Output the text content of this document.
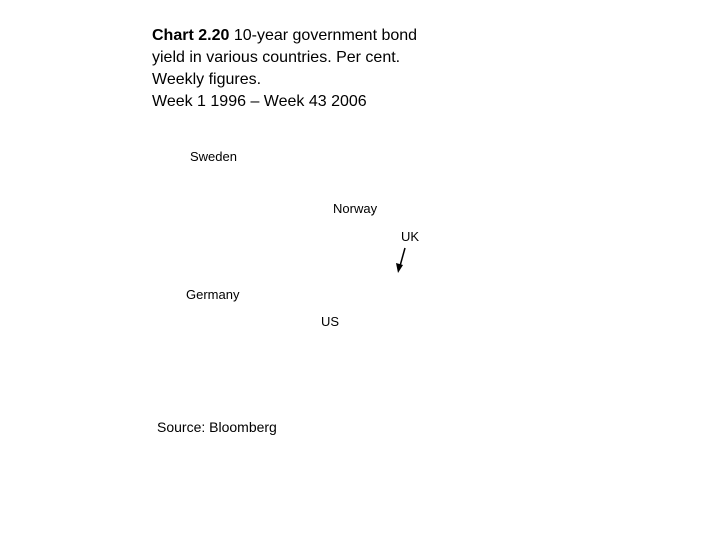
Chart 2.20 10-year government bond
yield in various countries. Per cent.
Weekly figures.
Week 1 1996 – Week 43 2006
Sweden
Norway
UK
Germany
US
Source: Bloomberg
